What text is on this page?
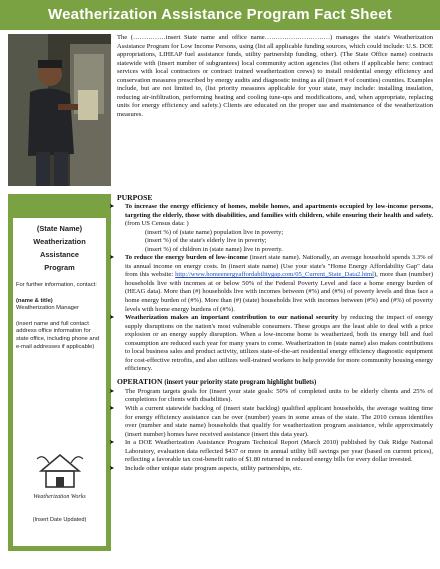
Weatherization Assistance Program Fact Sheet

The (……………insert State name and office name…………………………) manages the state's Weatherization Assistance Program for Low Income Persons, using (list all applicable funding sources, which could include: U.S. DOE appropriations, LIHEAP fuel assistance funds, utility partnership funding, other). (The State Office name) contracts statewide with (insert number of subgrantees) local community action agencies (list others if applicable here: contract services with local contractors or contract trained weatherization crews) to install residential energy efficiency and conservation measures prescribed by energy audits and diagnostic testing as all (insert # of counties) counties. Examples include, but are not limited to, (list priority measures applicable for your state, may include: installing insulation, reducing air-infiltration, performing heating and cooling tune-ups and modifications, and, when appropriate, replacing units for energy efficiency and safety.) Clients are educated on the proper use and maintenance of the weatherization measures.

(State Name)
Weatherization
Assistance
Program

For further information, contact:

(name & title)

Weatherization Manager

(insert name and full contact address office information for state office, including phone and e-mail addresses if applicable)

Weatherization Works
(Insert Date Updated)
PURPOSE

➤ To increase the energy efficiency of homes, mobile homes, and apartments occupied by low-income persons, targeting the elderly, those with disabilities, and families with children, while ensuring their health and safety. (from US Census data: )

(insert %) of (state name) population live in poverty;

(insert %) of the state's elderly live in poverty;

(insert %) of children in (state name) live in poverty.

➤ To reduce the energy burden of low-income (insert state name). Nationally, an average household spends 3.3% of its annual income on energy costs. In (insert state name) (Use your state's "Home Energy Affordability Gap" data from this website: http://www.homeenergyaffordabilitygap.com/05_Current_State_Data2.html), more than (number) households live with incomes at or below 50% of the Federal Poverty Level and face a home energy burden of (HEAG data). More than (#) households live with incomes between (#%) and (#%) of poverty levels and thus face a home energy burden of (#%). More than (#) (state) households live with incomes between (#%) and (#%) of poverty levels with home energy burdens of (#%).

➤ Weatherization makes an important contribution to our national security by reducing the impact of energy supply disruptions on the nation's most vulnerable consumers. These groups are the least able to deal with a price explosion or an energy supply disruption. When a low-income home is weatherized, both its energy bill and fuel consumption are reduced each year for many years to come. Weatherization in (state name) also makes contributions to local business sales and product activity, utilizes state-of-the-art residential energy efficiency diagnostic equipment for cost-effective retrofits, and also utilizes well-trained workers to help provide for more community housing energy efficiency.

OPERATION (insert your priority state program highlight bullets)

➤ The Program targets goals for (insert your state goals: 50% of completed units to be elderly clients and 25% of completions for clients with disabilities).

➤ With a current statewide backlog of (insert state backlog) qualified applicant households, the average waiting time for energy efficiency assistance can be over (number) years in some areas of the state. The 2010 census identifies over (number and state name) households that qualify for weatherization program assistance, while approximately (insert number) homes have received assistance (insert this data year).

➤ In a DOE Weatherization Assistance Program Technical Report (March 2010) published by Oak Ridge National Laboratory, evaluation data reflected $437 or more in annual utility bill savings per year (based on current prices), reflecting a favorable tax cost-benefit ratio of $1.80 returned in reduced energy bills for every dollar invested.

➤ Include other unique state program aspects, utility partnerships, etc.
